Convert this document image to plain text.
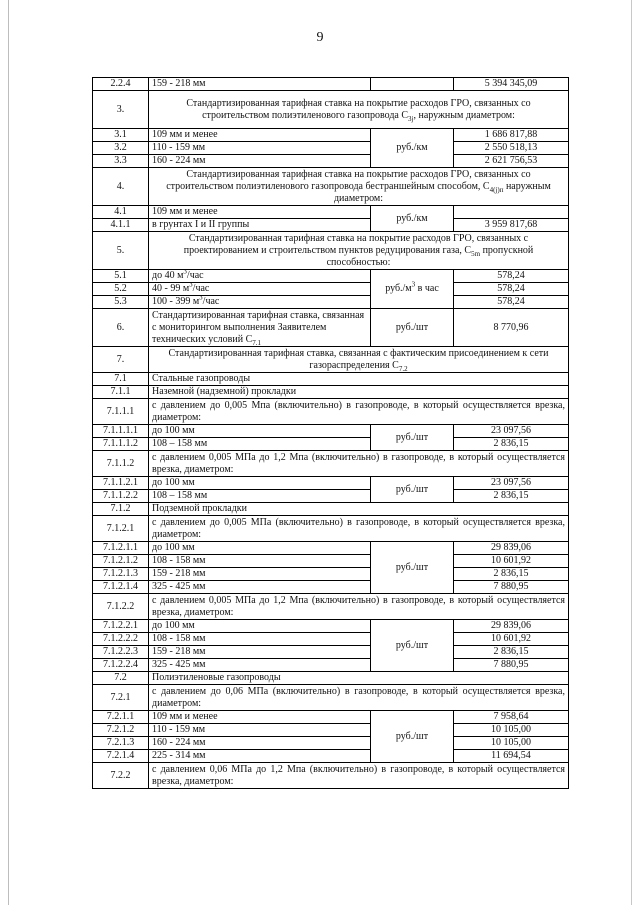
9
2.2.4	159 - 218 мм		5 394 345,09
3.	Стандартизированная тарифная ставка на покрытие расходов ГРО, связанных со строительством полиэтиленового газопровода $С_{3j}$, наружным диаметром:		
3.1	109 мм и менее	руб./км	1 686 817,88
3.2	110 - 159 мм		2 550 518,13
3.3	160 - 224 мм		2 621 756,53
4.	Стандартизированная тарифная ставка на покрытие расходов ГРО, связанных со строительством полиэтиленового газопровода бестраншейным способом, $С_{4(j)п}$ наружным диаметром:		
4.1	109 мм и менее	руб./км	
4.1.1	в грунтах I и II группы		3 959 817,68
5.	Стандартизированная тарифная ставка на покрытие расходов ГРО, связанных с проектированием и строительством пунктов редуцирования газа, $С_{5m}$ пропускной способностью:		
5.1	до 40 $м^3$/час	$руб./м^3$ в час	578,24
5.2	40 - 99 $м^3$/час		578,24
5.3	100 - 399 $м^3$/час		578,24
6.	Стандартизированная тарифная ставка, связанная с мониторингом выполнения Заявителем технических условий $С_{7.1}$	руб./шт	8 770,96
7.	Стандартизированная тарифная ставка, связанная с фактическим присоединением к сети газораспределения $С_{7.2}$
7.1	Стальные газопроводы		
7.1.1	Наземной (надземной) прокладки		
7.1.1.1	с давлением до 0,005 Мпа (включительно) в газопроводе, в который осуществляется врезка, диаметром:		
7.1.1.1.1	до 100 мм	руб./шт	23 097,56
7.1.1.1.2	108 – 158 мм		2 836,15
7.1.1.2	с давлением 0,005 МПа до 1,2 Мпа (включительно) в газопроводе, в который осуществляется врезка, диаметром:		
7.1.1.2.1	до 100 мм	руб./шт	23 097,56
7.1.1.2.2	108 – 158 мм		2 836,15
7.1.2	Подземной прокладки		
7.1.2.1	с давлением до 0,005 МПа (включительно) в газопроводе, в который осуществляется врезка, диаметром:		
7.1.2.1.1	до 100 мм	руб./шт	29 839,06
7.1.2.1.2	108 - 158 мм		10 601,92
7.1.2.1.3	159 - 218 мм		2 836,15
7.1.2.1.4	325 - 425 мм		7 880,95
7.1.2.2	с давлением 0,005 МПа до 1,2 Мпа (включительно) в газопроводе, в который осуществляется врезка, диаметром:		
7.1.2.2.1	до 100 мм	руб./шт	29 839,06
7.1.2.2.2	108 - 158 мм		10 601,92
7.1.2.2.3	159 - 218 мм		2 836,15
7.1.2.2.4	325 - 425 мм		7 880,95
7.2	Полиэтиленовые газопроводы		
7.2.1	с давлением до 0,06 МПа (включительно) в газопроводе, в который осуществляется врезка, диаметром:		
7.2.1.1	109 мм и менее	руб./шт	7 958,64
7.2.1.2	110 - 159 мм		10 105,00
7.2.1.3	160 - 224 мм		10 105,00
7.2.1.4	225 - 314 мм		11 694,54
7.2.2	с давлением 0,06 МПа до 1,2 Мпа (включительно) в газопроводе, в который осуществляется врезка, диаметром:		
